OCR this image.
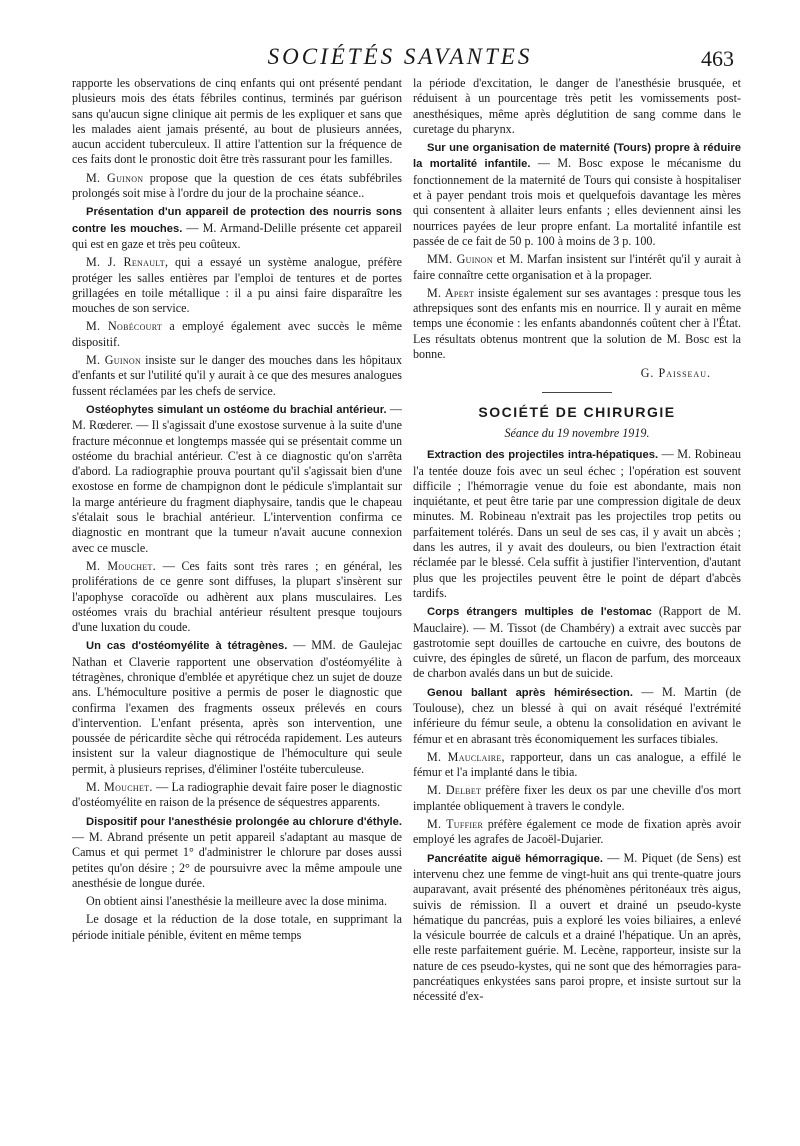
SOCIÉTÉS SAVANTES	463

rapporte les observations de cinq enfants qui ont présenté pendant plusieurs mois des états fébriles continus, terminés par guérison sans qu'aucun signe clinique ait permis de les expliquer et sans que les malades aient jamais présenté, au bout de plusieurs années, aucun accident tuberculeux. Il attire l'attention sur la fréquence de ces faits dont le pronostic doit être très rassurant pour les familles.

M. Guinon propose que la question de ces états subfébriles prolongés soit mise à l'ordre du jour de la prochaine séance..

Présentation d'un appareil de protection des nourris sons contre les mouches. — M. Armand-Delille présente cet appareil qui est en gaze et très peu coûteux.

M. J. Renault, qui a essayé un système analogue, préfère protéger les salles entières par l'emploi de tentures et de portes grillagées en toile métallique : il a pu ainsi faire disparaître les mouches de son service.

M. Nobécourt a employé également avec succès le même dispositif.

M. Guinon insiste sur le danger des mouches dans les hôpitaux d'enfants et sur l'utilité qu'il y aurait à ce que des mesures analogues fussent réclamées par les chefs de service.

Ostéophytes simulant un ostéome du brachial antérieur. — M. Rœderer. — Il s'agissait d'une exostose survenue à la suite d'une fracture méconnue et longtemps massée qui se présentait comme un ostéome du brachial antérieur. C'est à ce diagnostic qu'on s'arrêta d'abord. La radiographie prouva pourtant qu'il s'agissait bien d'une exostose en forme de champignon dont le pédicule s'implantait sur la marge antérieure du fragment diaphysaire, tandis que le chapeau s'étalait sous le brachial antérieur. L'intervention confirma ce diagnostic en montrant que la tumeur n'avait aucune connexion avec ce muscle.

M. Mouchet. — Ces faits sont très rares ; en général, les proliférations de ce genre sont diffuses, la plupart s'insèrent sur l'apophyse coracoïde ou adhèrent aux plans musculaires. Les ostéomes vrais du brachial antérieur résultent presque toujours d'une luxation du coude.

Un cas d'ostéomyélite à tétragènes. — MM. de Gaulejac Nathan et Claverie rapportent une observation d'ostéomyélite à tétragènes, chronique d'emblée et apyrétique chez un sujet de douze ans. L'hémoculture positive a permis de poser le diagnostic que confirma l'examen des fragments osseux prélevés en cours d'intervention. L'enfant présenta, après son intervention, une poussée de péricardite sèche qui rétrocéda rapidement. Les auteurs insistent sur la valeur diagnostique de l'hémoculture qui seule permit, à plusieurs reprises, d'éliminer l'ostéite tuberculeuse.

M. Mouchet. — La radiographie devait faire poser le diagnostic d'ostéomyélite en raison de la présence de séquestres apparents.

Dispositif pour l'anesthésie prolongée au chlorure d'éthyle. — M. Abrand présente un petit appareil s'adaptant au masque de Camus et qui permet 1° d'administrer le chlorure par doses aussi petites qu'on désire ; 2° de poursuivre avec la même ampoule une anesthésie de longue durée.

On obtient ainsi l'anesthésie la meilleure avec la dose minima.

Le dosage et la réduction de la dose totale, en supprimant la période initiale pénible, évitent en même temps

la période d'excitation, le danger de l'anesthésie brusquée, et réduisent à un pourcentage très petit les vomissements post-anesthésiques, même après déglutition de sang comme dans le curetage du pharynx.

Sur une organisation de maternité (Tours) propre à réduire la mortalité infantile. — M. Bosc expose le mécanisme du fonctionnement de la maternité de Tours qui consiste à hospitaliser et à payer pendant trois mois et quelquefois davantage les mères qui consentent à allaiter leurs enfants ; elles deviennent ainsi les nourrices payées de leur propre enfant. La mortalité infantile est passée de ce fait de 50 p. 100 à moins de 3 p. 100.

MM. Guinon et M. Marfan insistent sur l'intérêt qu'il y aurait à faire connaître cette organisation et à la propager.

M. Apert insiste également sur ses avantages : presque tous les athrepsiques sont des enfants mis en nourrice. Il y aurait en même temps une économie : les enfants abandonnés coûtent cher à l'État. Les résultats obtenus montrent que la solution de M. Bosc est la bonne.

G. Paisseau.

SOCIÉTÉ DE CHIRURGIE

Séance du 19 novembre 1919.

Extraction des projectiles intra-hépatiques. — M. Robineau l'a tentée douze fois avec un seul échec ; l'opération est souvent difficile ; l'hémorragie venue du foie est abondante, mais non inquiétante, et peut être tarie par une compression digitale de deux minutes. M. Robineau n'extrait pas les projectiles trop petits ou parfaitement tolérés. Dans un seul de ses cas, il y avait un abcès ; dans les autres, il y avait des douleurs, ou bien l'extraction était réclamée par le blessé. Cela suffit à justifier l'intervention, d'autant plus que les projectiles peuvent être le point de départ d'abcès tardifs.

Corps étrangers multiples de l'estomac (Rapport de M. Mauclaire). — M. Tissot (de Chambéry) a extrait avec succès par gastrotomie sept douilles de cartouche en cuivre, des boutons de cuivre, des épingles de sûreté, un flacon de parfum, des morceaux de charbon avalés dans un but de suicide.

Genou ballant après hémirésection. — M. Martin (de Toulouse), chez un blessé à qui on avait réséqué l'extrémité inférieure du fémur seule, a obtenu la consolidation en avivant le fémur et en abrasant très économiquement les surfaces tibiales.

M. Mauclaire, rapporteur, dans un cas analogue, a effilé le fémur et l'a implanté dans le tibia.

M. Delbet préfère fixer les deux os par une cheville d'os mort implantée obliquement à travers le condyle.

M. Tuffier préfère également ce mode de fixation après avoir employé les agrafes de Jacoël-Dujarier.

Pancréatite aiguë hémorragique. — M. Piquet (de Sens) est intervenu chez une femme de vingt-huit ans qui trente-quatre jours auparavant, avait présenté des phénomènes péritonéaux très aigus, suivis de rémission. Il a ouvert et drainé un pseudo-kyste hématique du pancréas, puis a exploré les voies biliaires, a enlevé la vésicule bourrée de calculs et a drainé l'hépatique. Un an après, elle reste parfaitement guérie. M. Lecène, rapporteur, insiste sur la nature de ces pseudo-kystes, qui ne sont que des hémorragies para-pancréatiques enkystées sans paroi propre, et insiste surtout sur la nécessité d'ex-
